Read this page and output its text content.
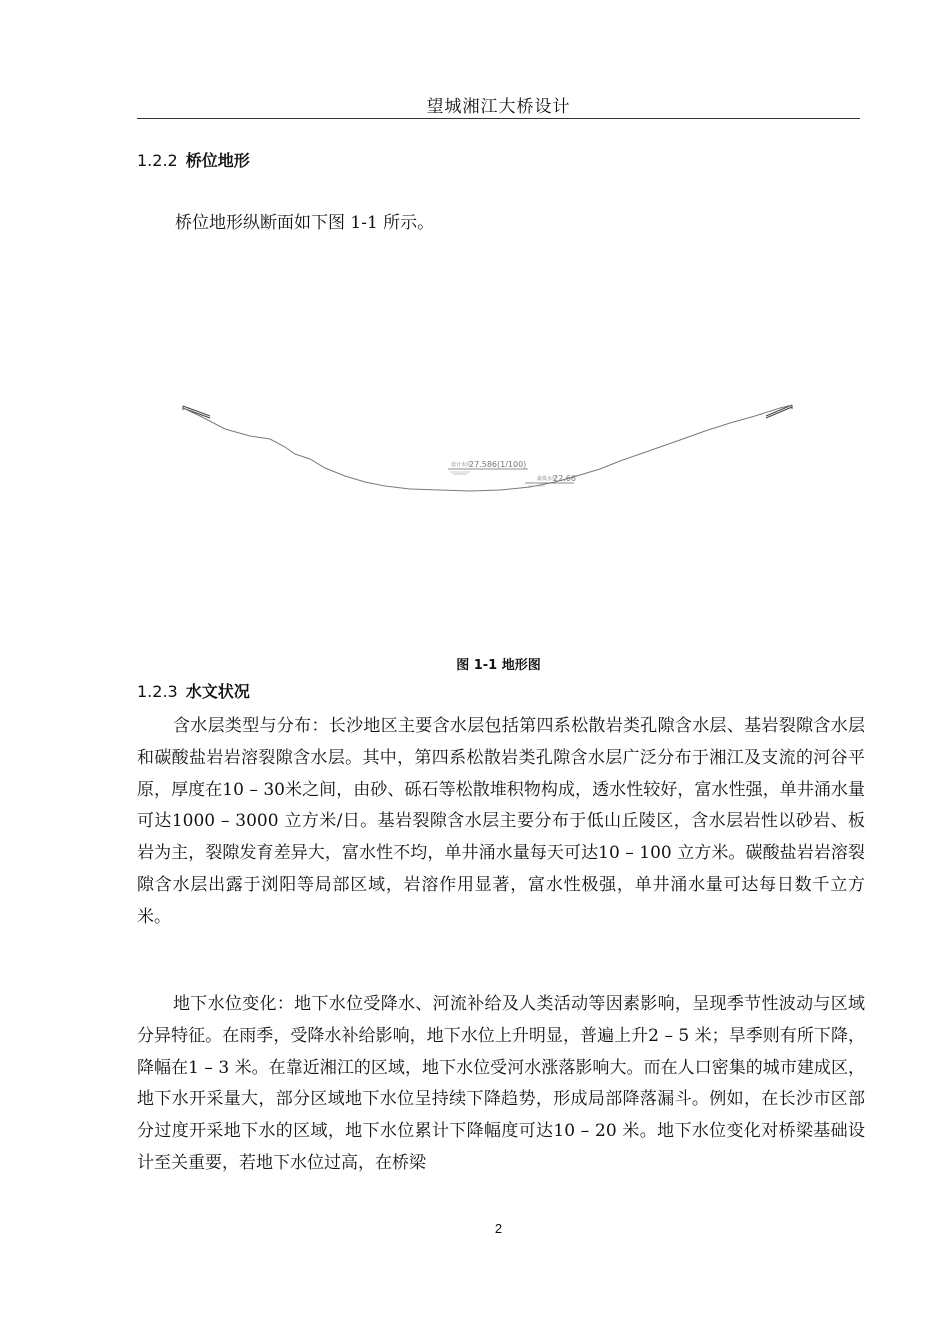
望城湘江大桥设计
1.2.2 桥位地形
桥位地形纵断面如下图 1-1 所示。
设计水位
27.586(1/100)
最低水位
22.66
图 1-1 地形图
1.2.3 水文状况

含水层类型与分布：长沙地区主要含水层包括第四系松散岩类孔隙含水层、基岩裂隙含水层和碳酸盐岩岩溶裂隙含水层。其中，第四系松散岩类孔隙含水层广泛分布于湘江及支流的河谷平原，厚度在10 – 30米之间，由砂、砾石等松散堆积物构成，透水性较好，富水性强，单井涌水量可达1000 – 3000 立方米/日。基岩裂隙含水层主要分布于低山丘陵区，含水层岩性以砂岩、板岩为主，裂隙发育差异大，富水性不均，单井涌水量每天可达10 – 100 立方米。碳酸盐岩岩溶裂隙含水层出露于浏阳等局部区域，岩溶作用显著，富水性极强，单井涌水量可达每日数千立方米。

地下水位变化：地下水位受降水、河流补给及人类活动等因素影响，呈现季节性波动与区域分异特征。在雨季，受降水补给影响，地下水位上升明显，普遍上升2 – 5 米；旱季则有所下降，降幅在1 – 3 米。在靠近湘江的区域，地下水位受河水涨落影响大。而在人口密集的城市建成区，地下水开采量大，部分区域地下水位呈持续下降趋势，形成局部降落漏斗。例如，在长沙市区部分过度开采地下水的区域，地下水位累计下降幅度可达10 – 20 米。地下水位变化对桥梁基础设计至关重要，若地下水位过高，在桥梁

2
